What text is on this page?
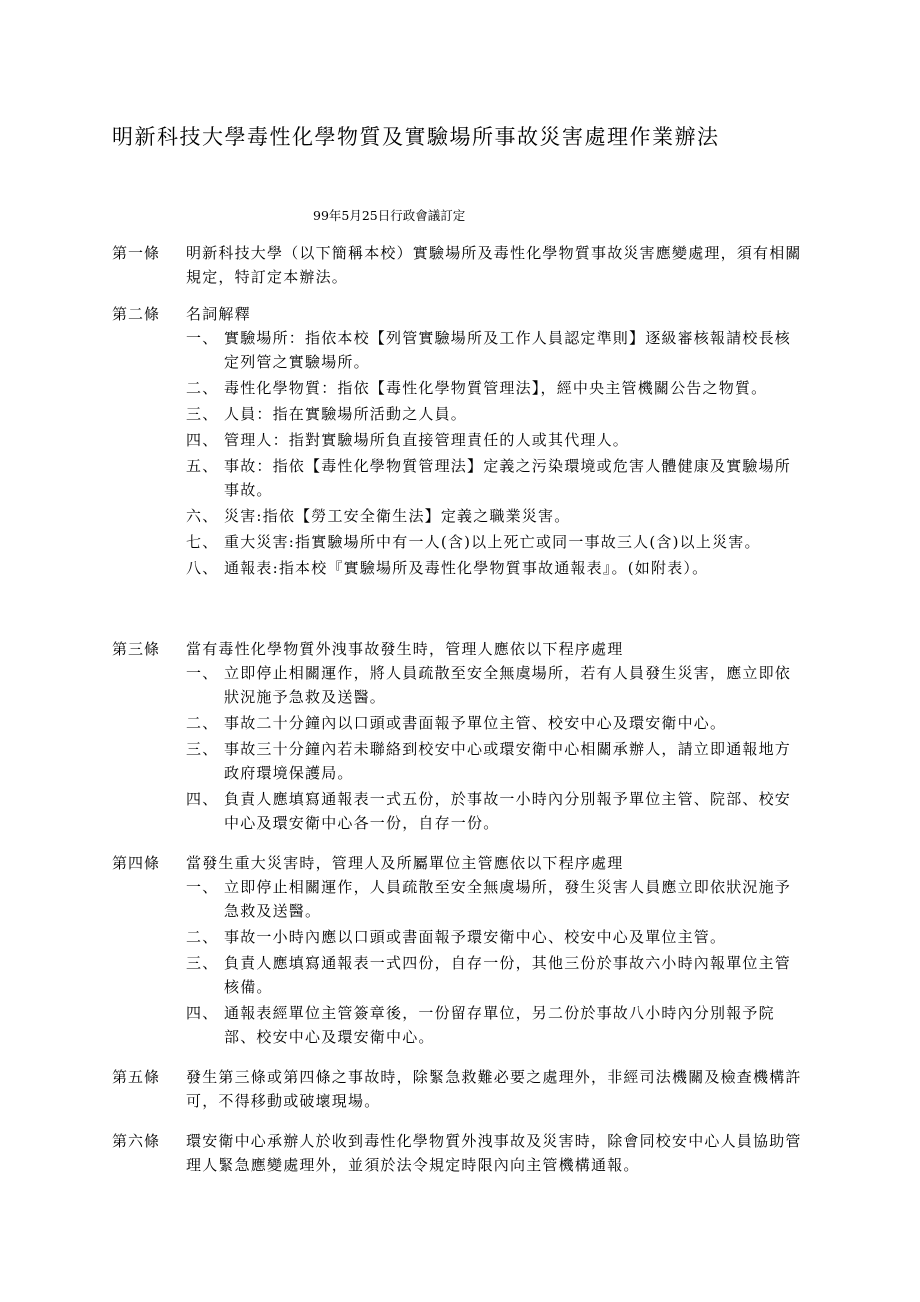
明新科技大學毒性化學物質及實驗場所事故災害處理作業辦法
99年5月25日行政會議訂定
第一條	明新科技大學（以下簡稱本校）實驗場所及毒性化學物質事故災害應變處理，須有相關規定，特訂定本辦法。

第二條	名詞解釋

一、 實驗場所：指依本校【列管實驗場所及工作人員認定準則】逐級審核報請校長核定列管之實驗場所。
二、 毒性化學物質：指依【毒性化學物質管理法】，經中央主管機關公告之物質。
三、 人員：指在實驗場所活動之人員。
四、 管理人：指對實驗場所負直接管理責任的人或其代理人。
五、 事故：指依【毒性化學物質管理法】定義之污染環境或危害人體健康及實驗場所事故。
六、 災害:指依【勞工安全衛生法】定義之職業災害。
七、 重大災害:指實驗場所中有一人(含)以上死亡或同一事故三人(含)以上災害。
八、 通報表:指本校『實驗場所及毒性化學物質事故通報表』。(如附表）。
第三條	當有毒性化學物質外洩事故發生時，管理人應依以下程序處理

一、 立即停止相關運作，將人員疏散至安全無虞場所，若有人員發生災害，應立即依狀況施予急救及送醫。
二、 事故二十分鐘內以口頭或書面報予單位主管、校安中心及環安衛中心。
三、 事故三十分鐘內若未聯絡到校安中心或環安衛中心相關承辦人，請立即通報地方政府環境保護局。
四、 負責人應填寫通報表一式五份，於事故一小時內分別報予單位主管、院部、校安中心及環安衛中心各一份，自存一份。
第四條	當發生重大災害時，管理人及所屬單位主管應依以下程序處理

一、 立即停止相關運作，人員疏散至安全無虞場所，發生災害人員應立即依狀況施予急救及送醫。
二、 事故一小時內應以口頭或書面報予環安衛中心、校安中心及單位主管。
三、 負責人應填寫通報表一式四份，自存一份，其他三份於事故六小時內報單位主管核備。
四、 通報表經單位主管簽章後，一份留存單位，另二份於事故八小時內分別報予院部、校安中心及環安衛中心。
第五條	發生第三條或第四條之事故時，除緊急救難必要之處理外，非經司法機關及檢查機構許可，不得移動或破壞現場。

第六條	環安衛中心承辦人於收到毒性化學物質外洩事故及災害時，除會同校安中心人員協助管理人緊急應變處理外，並須於法令規定時限內向主管機構通報。
